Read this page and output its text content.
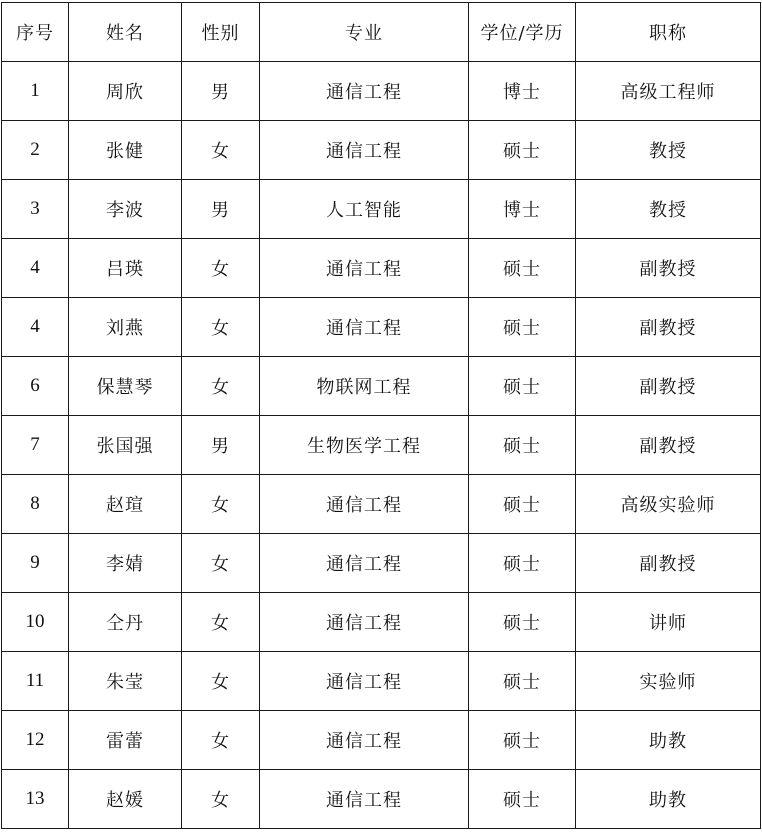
序号	姓名	性别	专业	学位/学历	职称
1	周欣	男	通信工程	博士	高级工程师
2	张健	女	通信工程	硕士	教授
3	李波	男	人工智能	博士	教授
4	吕瑛	女	通信工程	硕士	副教授
4	刘燕	女	通信工程	硕士	副教授
6	保慧琴	女	物联网工程	硕士	副教授
7	张国强	男	生物医学工程	硕士	副教授
8	赵瑄	女	通信工程	硕士	高级实验师
9	李婧	女	通信工程	硕士	副教授
10	仝丹	女	通信工程	硕士	讲师
11	朱莹	女	通信工程	硕士	实验师
12	雷蕾	女	通信工程	硕士	助教
13	赵媛	女	通信工程	硕士	助教
